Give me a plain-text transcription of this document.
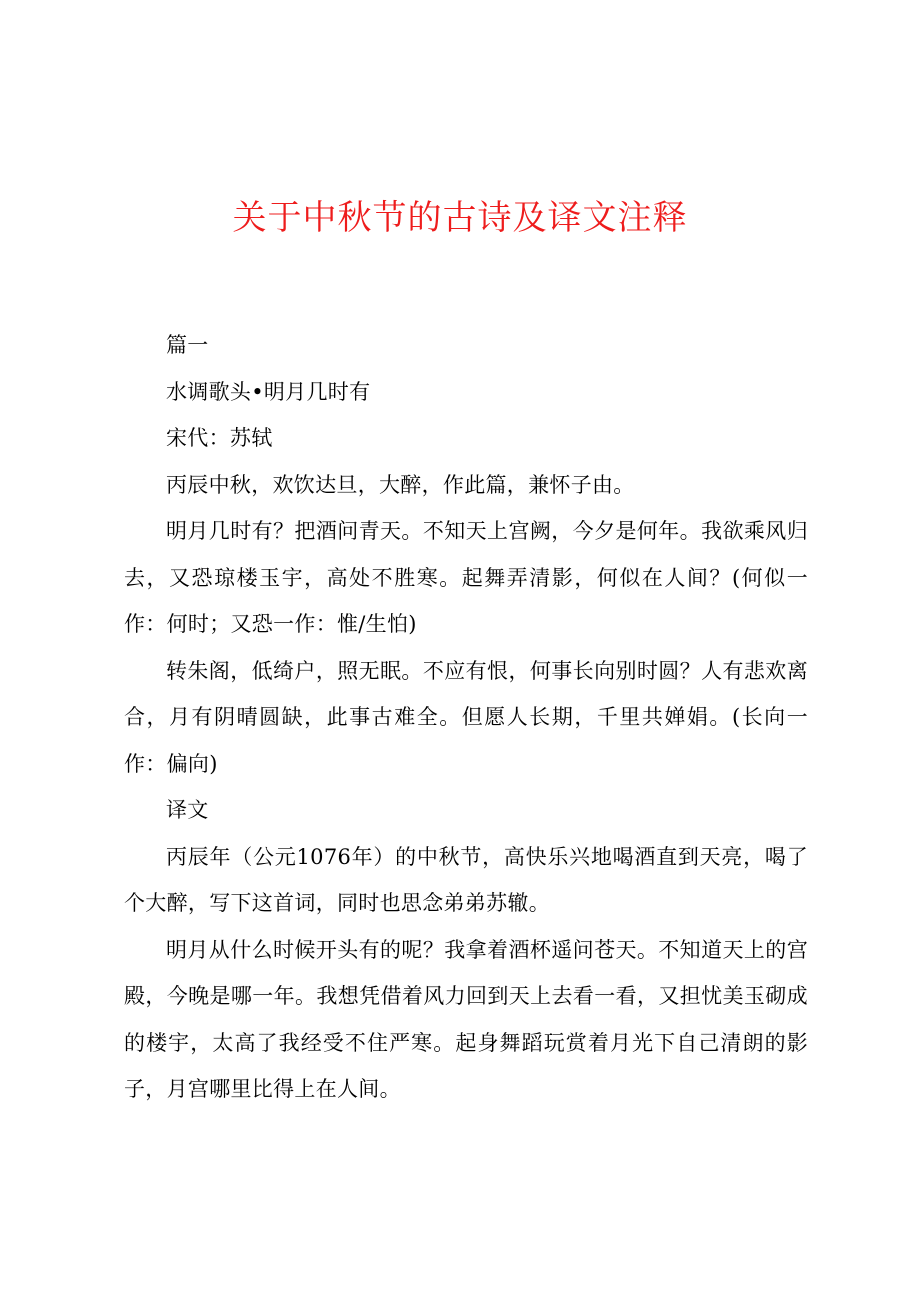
关于中秋节的古诗及译文注释

篇一

水调歌头•明月几时有

宋代：苏轼

丙辰中秋，欢饮达旦，大醉，作此篇，兼怀子由。

明月几时有？把酒问青天。不知天上宫阙，今夕是何年。我欲乘风归去，又恐琼楼玉宇，高处不胜寒。起舞弄清影，何似在人间？(何似一作：何时；又恐一作：惟/生怕)

转朱阁，低绮户，照无眠。不应有恨，何事长向别时圆？人有悲欢离合，月有阴晴圆缺，此事古难全。但愿人长期，千里共婵娟。(长向一作：偏向)

译文

丙辰年（公元1076年）的中秋节，高快乐兴地喝酒直到天亮，喝了个大醉，写下这首词，同时也思念弟弟苏辙。

明月从什么时候开头有的呢？我拿着酒杯遥问苍天。不知道天上的宫殿，今晚是哪一年。我想凭借着风力回到天上去看一看，又担忧美玉砌成的楼宇，太高了我经受不住严寒。起身舞蹈玩赏着月光下自己清朗的影子，月宫哪里比得上在人间。
